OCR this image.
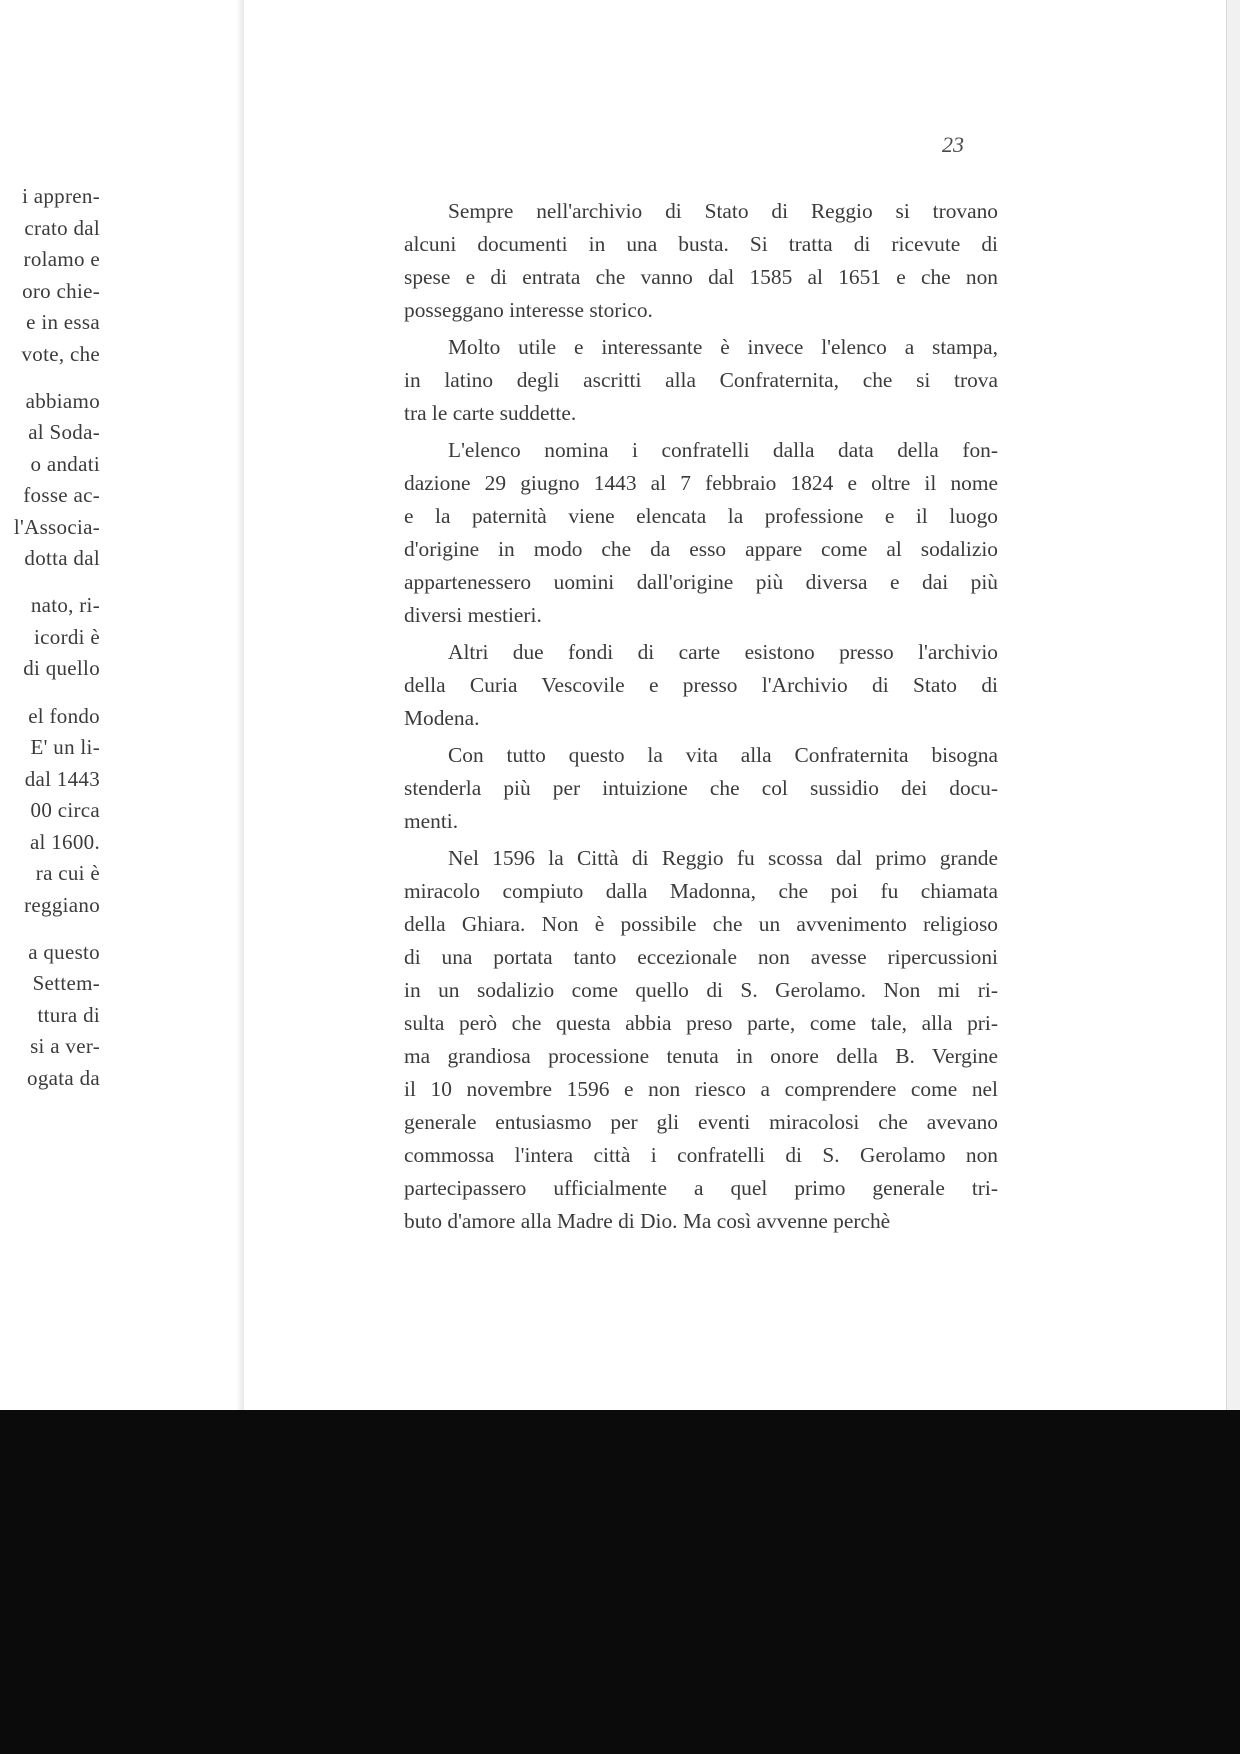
i appren-
crato dal
rolamo e
oro chie-
e in essa
vote, che
abbiamo
al Soda-
o andati
fosse ac-
l'Associa-
dotta dal
nato, ri-
icordi è
di quello
el fondo
E' un li-
dal 1443
00 circa
al 1600.
ra cui è
reggiano
a questo
Settem-
ttura di
si a ver-
ogata da
23
Sempre nell'archivio di Stato di Reggio si trovano
alcuni documenti in una busta. Si tratta di ricevute di
spese e di entrata che vanno dal 1585 al 1651 e che non
posseggano interesse storico.
Molto utile e interessante è invece l'elenco a stampa,
in latino degli ascritti alla Confraternita, che si trova
tra le carte suddette.
L'elenco nomina i confratelli dalla data della fon-
dazione 29 giugno 1443 al 7 febbraio 1824 e oltre il nome
e la paternità viene elencata la professione e il luogo
d'origine in modo che da esso appare come al sodalizio
appartenessero uomini dall'origine più diversa e dai più
diversi mestieri.
Altri due fondi di carte esistono presso l'archivio
della Curia Vescovile e presso l'Archivio di Stato di
Modena.
Con tutto questo la vita alla Confraternita bisogna
stenderla più per intuizione che col sussidio dei docu-
menti.
Nel 1596 la Città di Reggio fu scossa dal primo grande
miracolo compiuto dalla Madonna, che poi fu chiamata
della Ghiara. Non è possibile che un avvenimento religioso
di una portata tanto eccezionale non avesse ripercussioni
in un sodalizio come quello di S. Gerolamo. Non mi ri-
sulta però che questa abbia preso parte, come tale, alla pri-
ma grandiosa processione tenuta in onore della B. Vergine
il 10 novembre 1596 e non riesco a comprendere come nel
generale entusiasmo per gli eventi miracolosi che avevano
commossa l'intera città i confratelli di S. Gerolamo non
partecipassero ufficialmente a quel primo generale tri-
buto d'amore alla Madre di Dio. Ma così avvenne perchè
